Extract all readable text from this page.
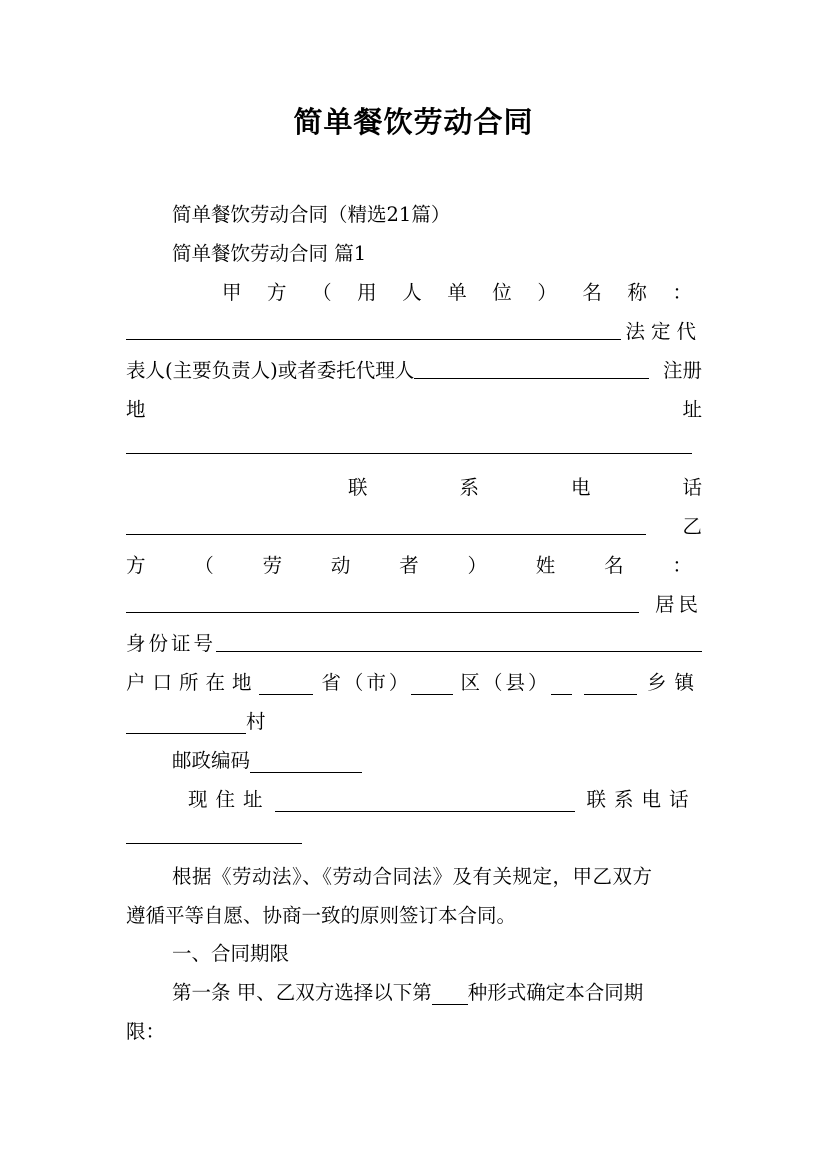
简单餐饮劳动合同
简单餐饮劳动合同（精选21篇）
简单餐饮劳动合同 篇1
甲 方 （ 用 人 单 位 ） 名 称 ：
法定代
表人(主要负责人)或者委托代理人	注册
地	址
联	系	电	话
乙
方	（	劳	动	者	）	姓	名	：
居民
身份证号
户口所在地	省（市）	区（县）	乡镇
村
邮政编码
现住址	联系电话
根据《劳动法》、《劳动合同法》及有关规定，甲乙双方
遵循平等自愿、协商一致的原则签订本合同。
一、合同期限
第一条 甲、乙双方选择以下第 种形式确定本合同期
限：
